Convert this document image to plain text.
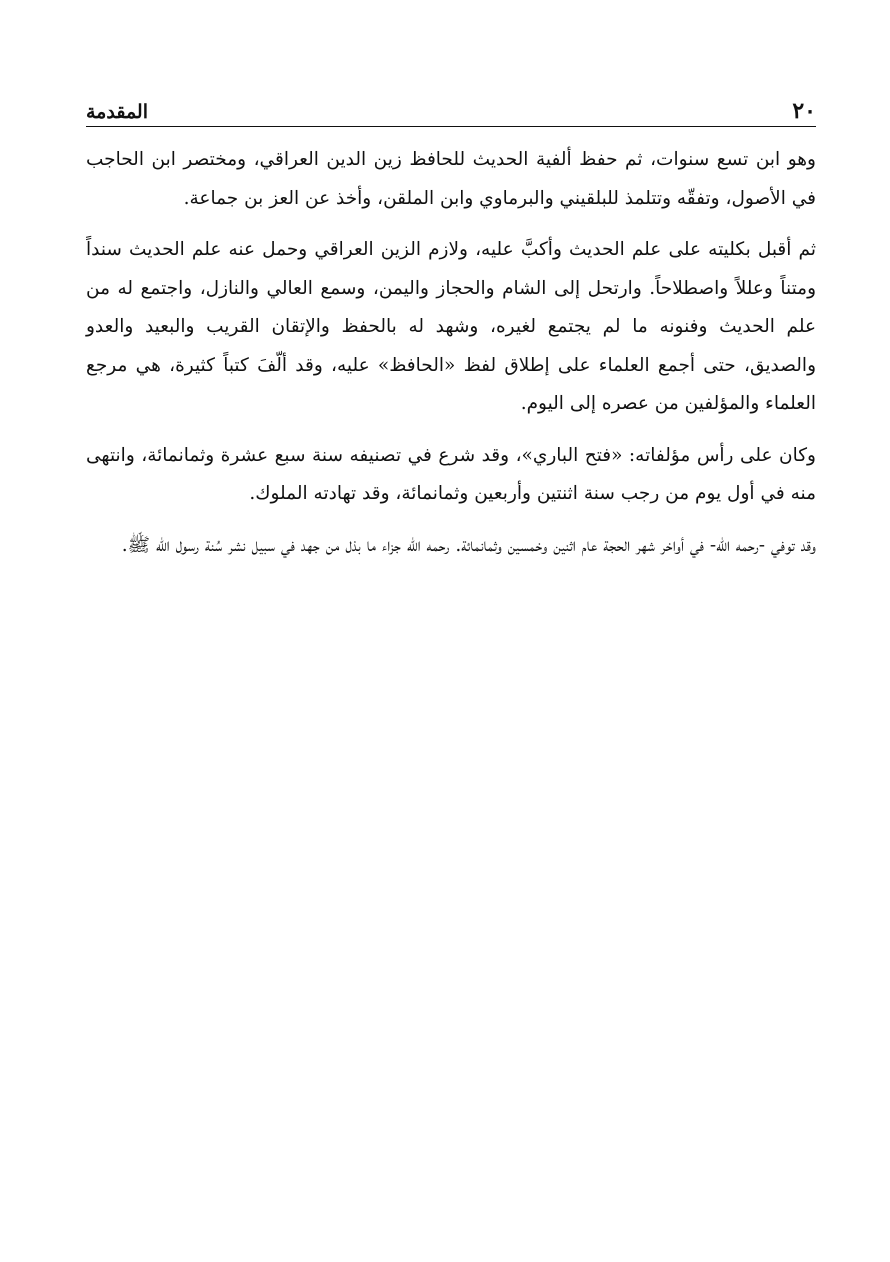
٢٠
المقدمة

وهو ابن تسع سنوات، ثم حفظ ألفية الحديث للحافظ زين الدين العراقي، ومختصر ابن الحاجب في الأصول، وتفقّه وتتلمذ للبلقيني والبرماوي وابن الملقن، وأخذ عن العز بن جماعة.

ثم أقبل بكليته على علم الحديث وأكبَّ عليه، ولازم الزين العراقي وحمل عنه علم الحديث سنداً ومتناً وعللاً واصطلاحاً. وارتحل إلى الشام والحجاز واليمن، وسمع العالي والنازل، واجتمع له من علم الحديث وفنونه ما لم يجتمع لغيره، وشهد له بالحفظ والإتقان القريب والبعيد والعدو والصديق، حتى أجمع العلماء على إطلاق لفظ «الحافظ» عليه، وقد ألّفَ كتباً كثيرة، هي مرجع العلماء والمؤلفين من عصره إلى اليوم.

وكان على رأس مؤلفاته: «فتح الباري»، وقد شرع في تصنيفه سنة سبع عشرة وثمانمائة، وانتهى منه في أول يوم من رجب سنة اثنتين وأربعين وثمانمائة، وقد تهادته الملوك.

وقد توفي -رحمه الله- في أواخر شهر الحجة عام اثنين وخمسين وثمانمائة. رحمه الله جزاء ما بذل من جهد في سبيل نشر سُنة رسول الله ﷺ.
